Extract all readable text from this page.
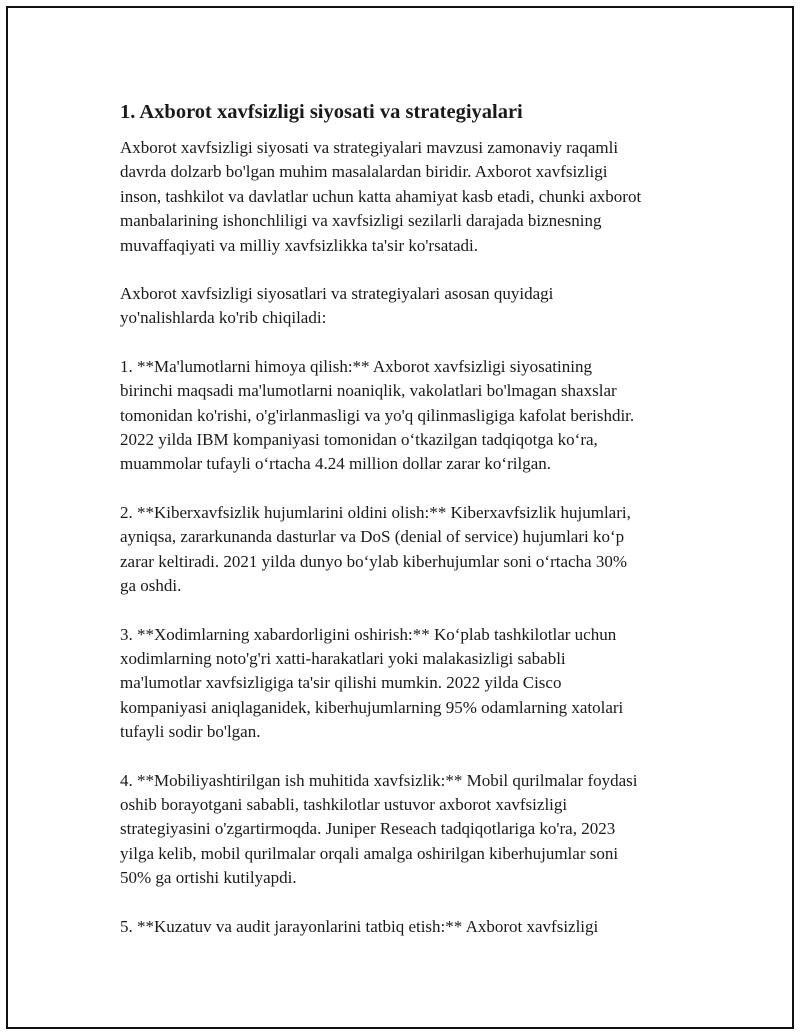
1. Axborot xavfsizligi siyosati va strategiyalari
Axborot xavfsizligi siyosati va strategiyalari mavzusi zamonaviy raqamli
davrda dolzarb bo'lgan muhim masalalardan biridir. Axborot xavfsizligi
inson, tashkilot va davlatlar uchun katta ahamiyat kasb etadi, chunki axborot
manbalarining ishonchliligi va xavfsizligi sezilarli darajada biznesning
muvaffaqiyati va milliy xavfsizlikka ta'sir ko'rsatadi.
Axborot xavfsizligi siyosatlari va strategiyalari asosan quyidagi
yo'nalishlarda ko'rib chiqiladi:
1. **Ma'lumotlarni himoya qilish:** Axborot xavfsizligi siyosatining
birinchi maqsadi ma'lumotlarni noaniqlik, vakolatlari bo'lmagan shaxslar
tomonidan ko'rishi, o'g'irlanmasligi va yo'q qilinmasligiga kafolat berishdir.
2022 yilda IBM kompaniyasi tomonidan o‘tkazilgan tadqiqotga ko‘ra,
muammolar tufayli o‘rtacha 4.24 million dollar zarar ko‘rilgan.
2. **Kiberxavfsizlik hujumlarini oldini olish:** Kiberxavfsizlik hujumlari,
ayniqsa, zararkunanda dasturlar va DoS (denial of service) hujumlari ko‘p
zarar keltiradi. 2021 yilda dunyo bo‘ylab kiberhujumlar soni o‘rtacha 30%
ga oshdi.
3. **Xodimlarning xabardorligini oshirish:** Ko‘plab tashkilotlar uchun
xodimlarning noto'g'ri xatti-harakatlari yoki malakasizligi sababli
ma'lumotlar xavfsizligiga ta'sir qilishi mumkin. 2022 yilda Cisco
kompaniyasi aniqlaganidek, kiberhujumlarning 95% odamlarning xatolari
tufayli sodir bo'lgan.
4. **Mobiliyashtirilgan ish muhitida xavfsizlik:** Mobil qurilmalar foydasi
oshib borayotgani sababli, tashkilotlar ustuvor axborot xavfsizligi
strategiyasini o'zgartirmoqda. Juniper Reseach tadqiqotlariga ko'ra, 2023
yilga kelib, mobil qurilmalar orqali amalga oshirilgan kiberhujumlar soni
50% ga ortishi kutilyapdi.
5. **Kuzatuv va audit jarayonlarini tatbiq etish:** Axborot xavfsizligi
